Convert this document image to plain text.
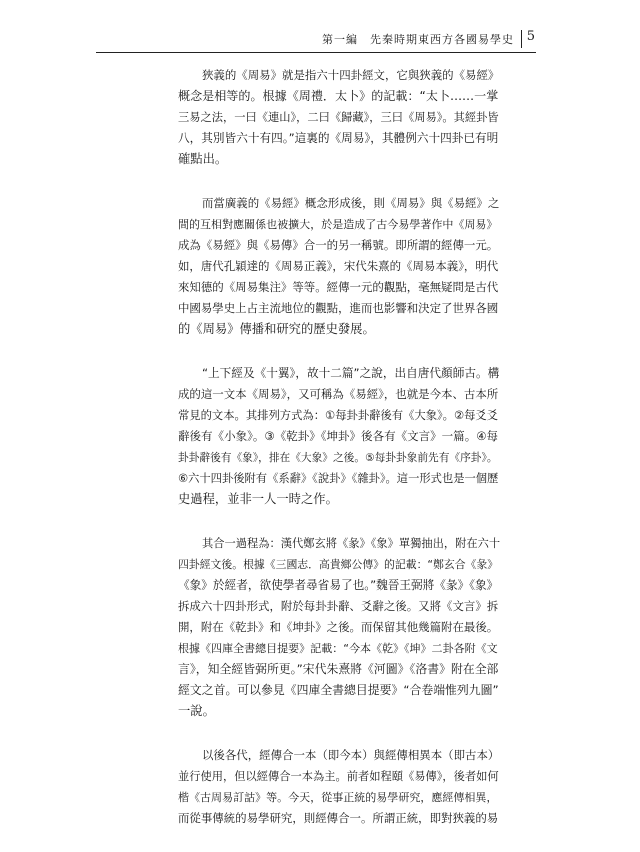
第一編　先秦時期東西方各國易學史 5
狹義的《周易》就是指六十四卦經文，它與狹義的《易經》
概念是相等的。根據《周禮．太卜》的記載：“太卜……一掌
三易之法，一曰《連山》，二曰《歸藏》，三曰《周易》。其經卦皆
八，其別皆六十有四。”這裏的《周易》，其體例六十四卦已有明
確點出。
而當廣義的《易經》概念形成後，則《周易》與《易經》之
間的互相對應關係也被擴大，於是造成了古今易學著作中《周易》
成為《易經》與《易傳》合一的另一稱號。即所謂的經傳一元。
如，唐代孔穎達的《周易正義》，宋代朱熹的《周易本義》，明代
來知德的《周易集注》等等。經傳一元的觀點，毫無疑問是古代
中國易學史上占主流地位的觀點，進而也影響和決定了世界各國
的《周易》傳播和研究的歷史發展。
“上下經及《十翼》，故十二篇”之說，出自唐代顏師古。構
成的這一文本《周易》，又可稱為《易經》，也就是今本、古本所
常見的文本。其排列方式為：①每卦卦辭後有《大象》。②每爻爻
辭後有《小象》。③《乾卦》《坤卦》後各有《文言》一篇。④每
卦卦辭後有《象》，排在《大象》之後。⑤每卦卦象前先有《序卦》。
⑥六十四卦後附有《系辭》《說卦》《雜卦》。這一形式也是一個歷
史過程，並非一人一時之作。
其合一過程為：漢代鄭玄將《彖》《象》單獨抽出，附在六十
四卦經文後。根據《三國志．高貴鄉公傳》的記載：“鄭玄合《彖》
《象》於經者，欲使學者尋省易了也。”魏晉王弼將《彖》《象》
拆成六十四卦形式，附於每卦卦辭、爻辭之後。又將《文言》拆
開，附在《乾卦》和《坤卦》之後。而保留其他幾篇附在最後。
根據《四庫全書總目提要》記載：“今本《乾》《坤》二卦各附《文
言》，知全經皆弼所更。”宋代朱熹將《河圖》《洛書》附在全部
經文之首。可以參見《四庫全書總目提要》“合卷端惟列九圖”
一說。
以後各代，經傳合一本（即今本）與經傳相異本（即古本）
並行使用，但以經傳合一本為主。前者如程頤《易傳》，後者如何
楷《古周易訂詁》等。今天，從事正統的易學研究，應經傳相異，
而從事傳統的易學研究，則經傳合一。所謂正統，即對狹義的易
